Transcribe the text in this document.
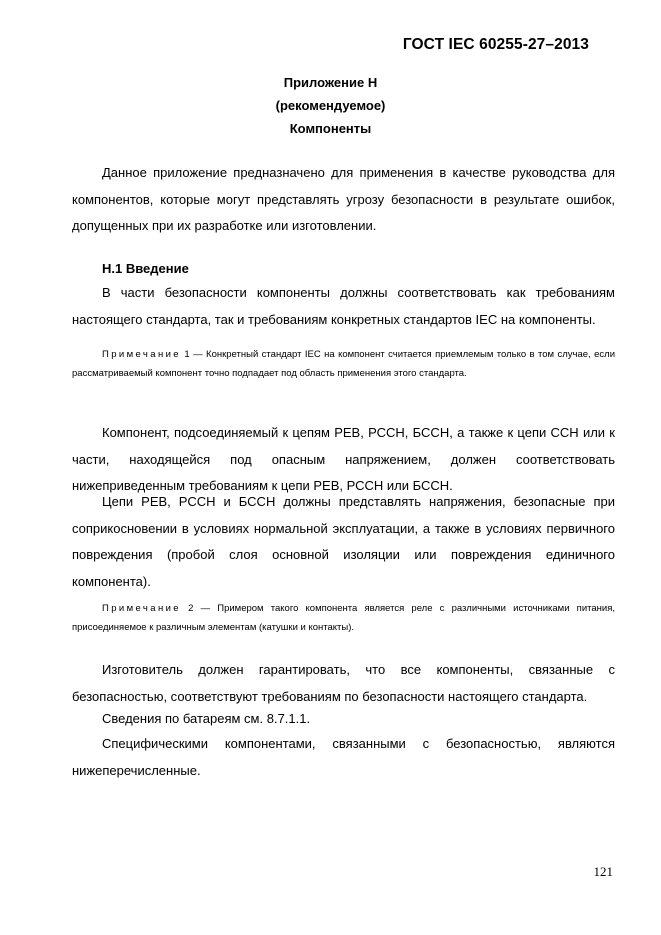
ГОСТ IEC 60255-27–2013
Приложение Н
(рекомендуемое)
Компоненты
Данное приложение предназначено для применения в качестве руководства для компонентов, которые могут представлять угрозу безопасности в результате ошибок, допущенных при их разработке или изготовлении.
Н.1 Введение
В части безопасности компоненты должны соответствовать как требованиям настоящего стандарта, так и требованиям конкретных стандартов IEC на компоненты.
Примечание 1 — Конкретный стандарт IEC на компонент считается приемлемым только в том случае, если рассматриваемый компонент точно подпадает под область применения этого стандарта.
Компонент, подсоединяемый к цепям РЕВ, РССН, БССН, а также к цепи ССН или к части, находящейся под опасным напряжением, должен соответствовать нижеприведенным требованиям к цепи РЕВ, РССН или БССН.
Цепи РЕВ, РССН и БССН должны представлять напряжения, безопасные при соприкосновении в условиях нормальной эксплуатации, а также в условиях первичного повреждения (пробой слоя основной изоляции или повреждения единичного компонента).
Примечание 2 — Примером такого компонента является реле с различными источниками питания, присоединяемое к различным элементам (катушки и контакты).
Изготовитель должен гарантировать, что все компоненты, связанные с безопасностью, соответствуют требованиям по безопасности настоящего стандарта.
Сведения по батареям см. 8.7.1.1.
Специфическими компонентами, связанными с безопасностью, являются нижеперечисленные.
121
